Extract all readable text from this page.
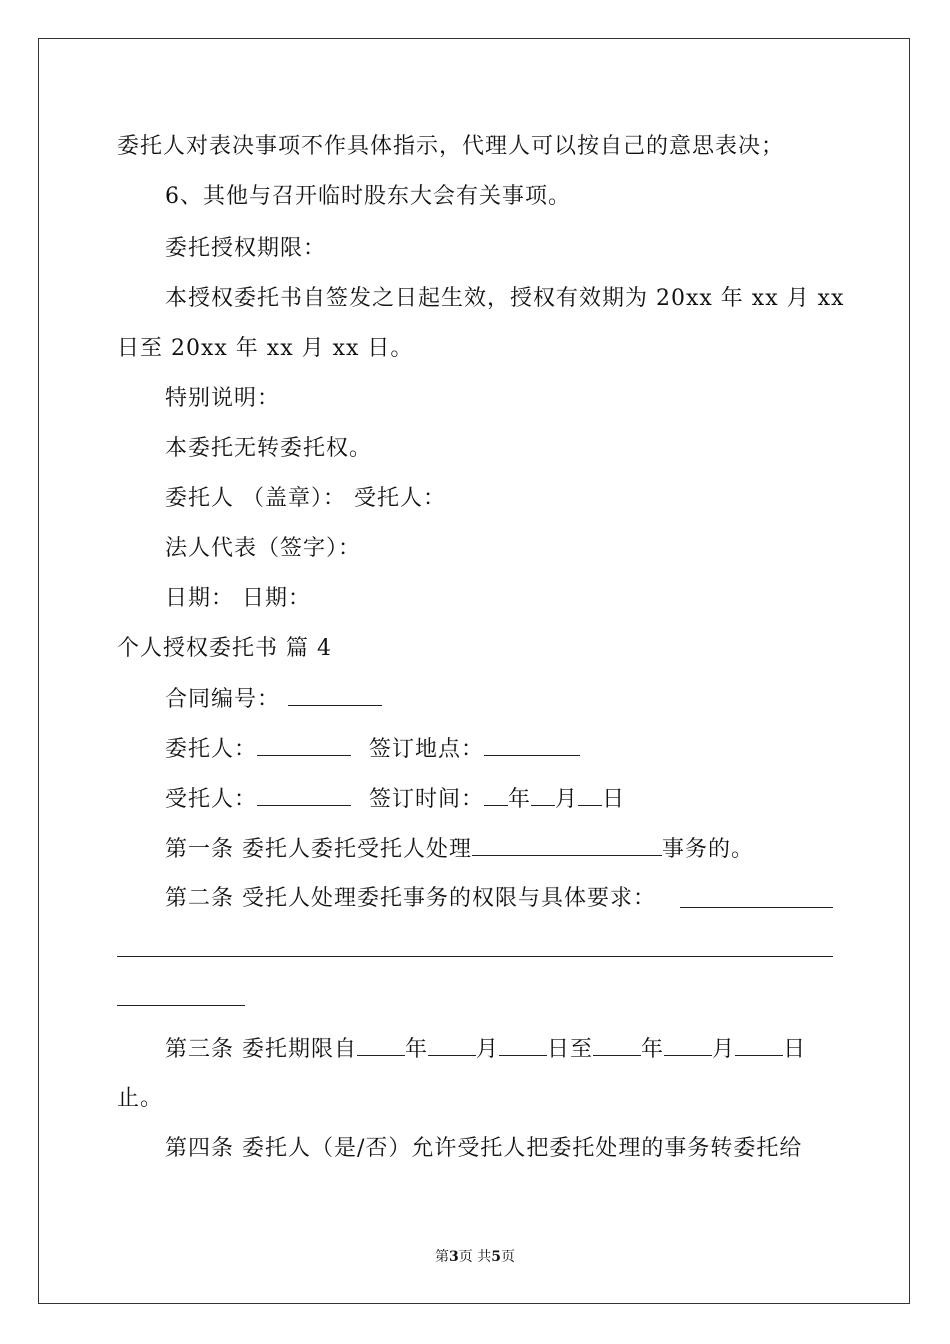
委托人对表决事项不作具体指示，代理人可以按自己的意思表决；
6、其他与召开临时股东大会有关事项。
委托授权期限：
本授权委托书自签发之日起生效，授权有效期为 20xx 年 xx 月 xx
日至 20xx 年 xx 月 xx 日。
特别说明：
本委托无转委托权。
委托人 （盖章）： 受托人：
法人代表（签字）：
日期： 日期：
个人授权委托书 篇 4
合同编号：
委托人：	签订地点：
受托人：	签订时间： 年 月 日
第一条 委托人委托受托人处理	事务的。
第二条 受托人处理委托事务的权限与具体要求：
第三条 委托期限自 年 月 日至 年 月 日
止。
第四条 委托人（是/否）允许受托人把委托处理的事务转委托给
第3页 共5页
